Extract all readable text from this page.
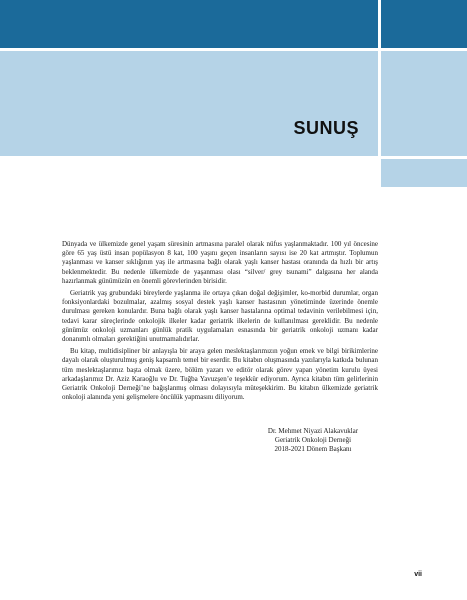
SUNUŞ

Dünyada ve ülkemizde genel yaşam süresinin artmasına paralel olarak nüfus yaşlanmaktadır. 100 yıl öncesine göre 65 yaş üstü insan popülasyon 8 kat, 100 yaşını geçen insanların sayısı ise 20 kat artmıştır. Toplumun yaşlanması ve kanser sıklığının yaş ile artmasına bağlı olarak yaşlı kanser hastası oranında da hızlı bir artış beklenmektedir. Bu nedenle ülkemizde de yaşanması olası “silver/ grey tsunami” dalgasına her alanda hazırlanmak günümüzün en önemli görevlerinden birisidir.

Geriatrik yaş grubundaki bireylerde yaşlanma ile ortaya çıkan doğal değişimler, ko-morbid durumlar, organ fonksiyonlardaki bozulmalar, azalmış sosyal destek yaşlı kanser hastasının yönetiminde üzerinde önemle durulması gereken konulardır. Buna bağlı olarak yaşlı kanser hastalarına optimal tedavinin verilebilmesi için, tedavi karar süreçlerinde onkolojik ilkeler kadar geriatrik ilkelerin de kullanılması gereklidir. Bu nedenle günümüz onkoloji uzmanları günlük pratik uygulamaları esnasında bir geriatrik onkoloji uzmanı kadar donanımlı olmaları gerektiğini unutmamalıdırlar.

Bu kitap, multidisipliner bir anlayışla bir araya gelen meslektaşlarımızın yoğun emek ve bilgi birikimlerine dayalı olarak oluşturulmuş geniş kapsamlı temel bir eserdir. Bu kitabın oluşmasında yazılarıyla katkıda bulunan tüm meslektaşlarımız başta olmak üzere, bölüm yazarı ve editör olarak görev yapan yönetim kurulu üyesi arkadaşlarımız Dr. Aziz Karaoğlu ve Dr. Tuğba Yavuzşen’e teşekkür ediyorum. Ayrıca kitabın tüm gelirlerinin Geriatrik Onkoloji Derneği’ne bağışlanmış olması dolayısıyla müteşekkirim. Bu kitabın ülkemizde geriatrik onkoloji alanında yeni gelişmelere öncülük yapmasını diliyorum.

Dr. Mehmet Niyazi Alakavuklar
Geriatrik Onkoloji Derneği
2018-2021 Dönem Başkanı
vii
